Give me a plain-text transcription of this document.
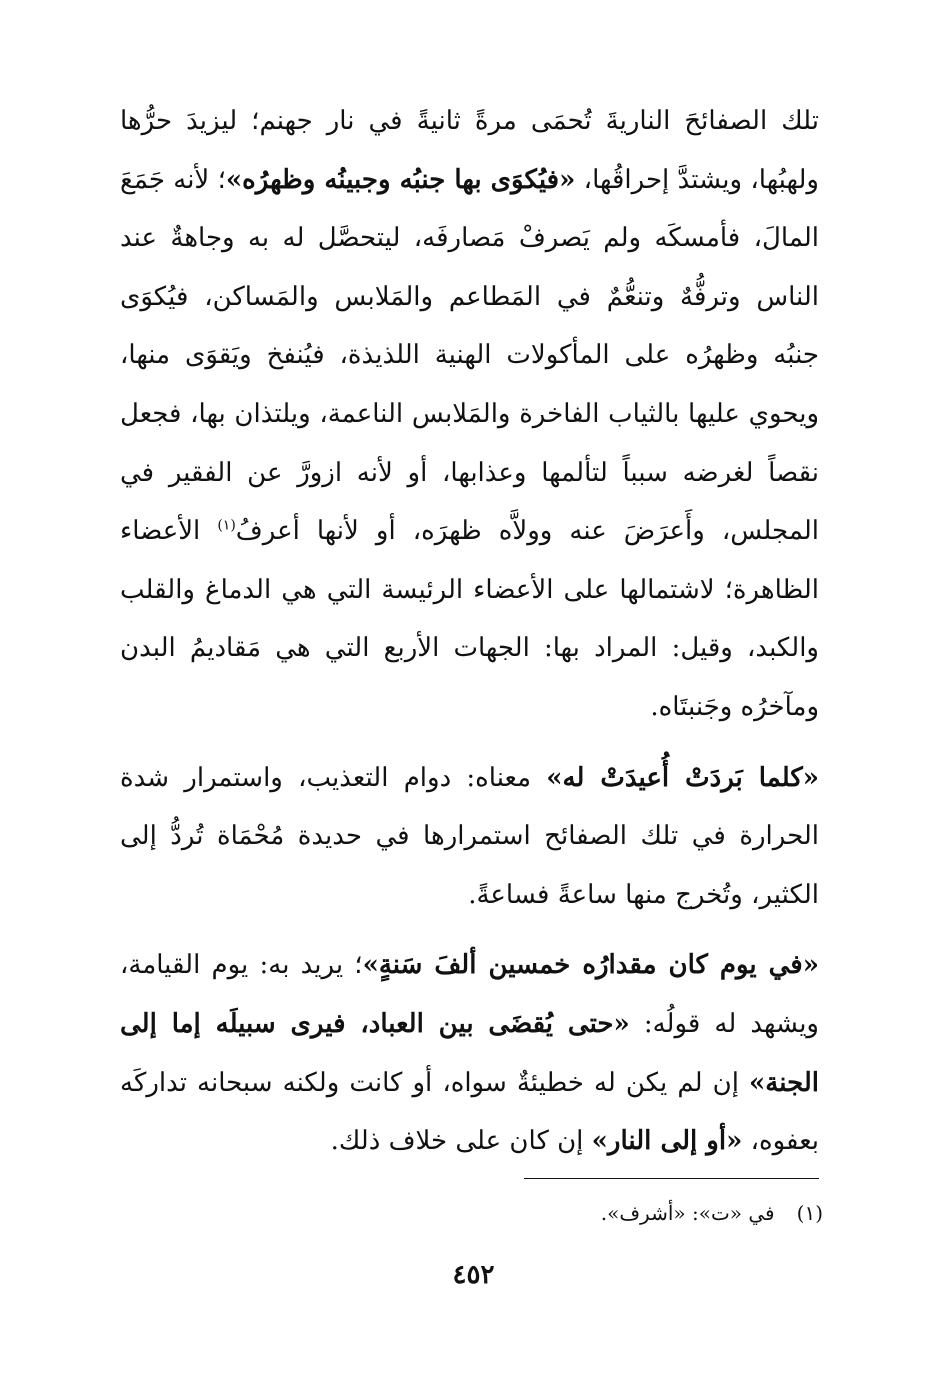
تلك الصفائحَ الناريةَ تُحمَى مرةً ثانيةً في نار جهنم؛ ليزيدَ حرُّها ولهبُها، ويشتدَّ إحراقُها، «فيُكوَى بها جنبُه وجبينُه وظهرُه»؛ لأنه جَمَعَ المالَ، فأمسكَه ولم يَصرفْ مَصارفَه، ليتحصَّل له به وجاهةٌ عند الناس وترفُّهٌ وتنعُّمٌ في المَطاعم والمَلابس والمَساكن، فيُكوَى جنبُه وظهرُه على المأكولات الهنية اللذيذة، فيُنفخ ويَقوَى منها، ويحوي عليها بالثياب الفاخرة والمَلابس الناعمة، ويلتذان بها، فجعل نقصاً لغرضه سبباً لتألمها وعذابها، أو لأنه ازورَّ عن الفقير في المجلس، وأَعرَضَ عنه وولاَّه ظهرَه، أو لأنها أعرفُ$^{(١)}$ الأعضاء الظاهرة؛ لاشتمالها على الأعضاء الرئيسة التي هي الدماغ والقلب والكبد، وقيل: المراد بها: الجهات الأربع التي هي مَقاديمُ البدن ومآخرُه وجَنبتَاه.

«كلما بَردَتْ أُعيدَتْ له» معناه: دوام التعذيب، واستمرار شدة الحرارة في تلك الصفائح استمرارها في حديدة مُحْمَاة تُردُّ إلى الكثير، وتُخرج منها ساعةً فساعةً.

«في يوم كان مقدارُه خمسين ألفَ سَنةٍ»؛ يريد به: يوم القيامة، ويشهد له قولُه: «حتى يُقضَى بين العباد، فيرى سبيلَه إما إلى الجنة» إن لم يكن له خطيئةٌ سواه، أو كانت ولكنه سبحانه تداركَه بعفوه، «أو إلى النار» إن كان على خلاف ذلك.

(١)في «ت»: «أشرف».
٤٥٢
